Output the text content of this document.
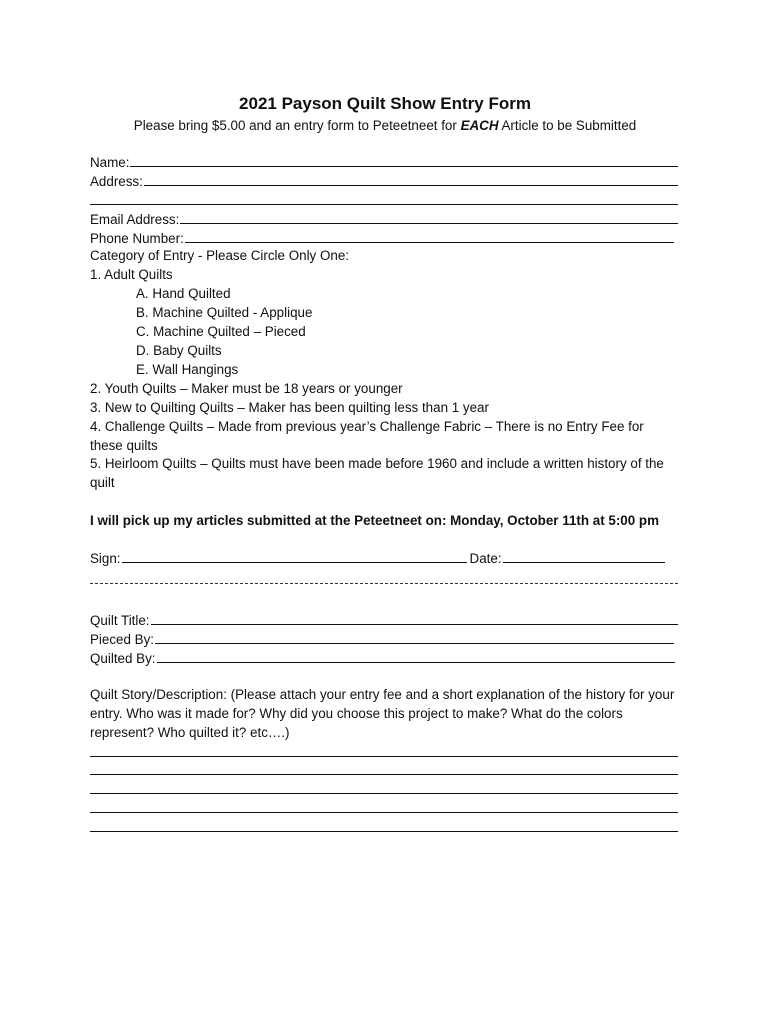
2021 Payson Quilt Show Entry Form
Please bring $5.00 and an entry form to Peteetneet for EACH Article to be Submitted
Name:
Address:
Email Address:
Phone Number:
Category of Entry - Please Circle Only One:
1. Adult Quilts
A. Hand Quilted
B. Machine Quilted - Applique
C. Machine Quilted – Pieced
D. Baby Quilts
E. Wall Hangings
2. Youth Quilts – Maker must be 18 years or younger
3. New to Quilting Quilts – Maker has been quilting less than 1 year
4. Challenge Quilts – Made from previous year’s Challenge Fabric – There is no Entry Fee for these quilts
5. Heirloom Quilts – Quilts must have been made before 1960 and include a written history of the quilt
I will pick up my articles submitted at the Peteetneet on: Monday, October 11th at 5:00 pm
Sign:	Date:
Quilt Title:
Pieced By:
Quilted By:
Quilt Story/Description: (Please attach your entry fee and a short explanation of the history for your entry. Who was it made for? Why did you choose this project to make? What do the colors represent? Who quilted it? etc….)
